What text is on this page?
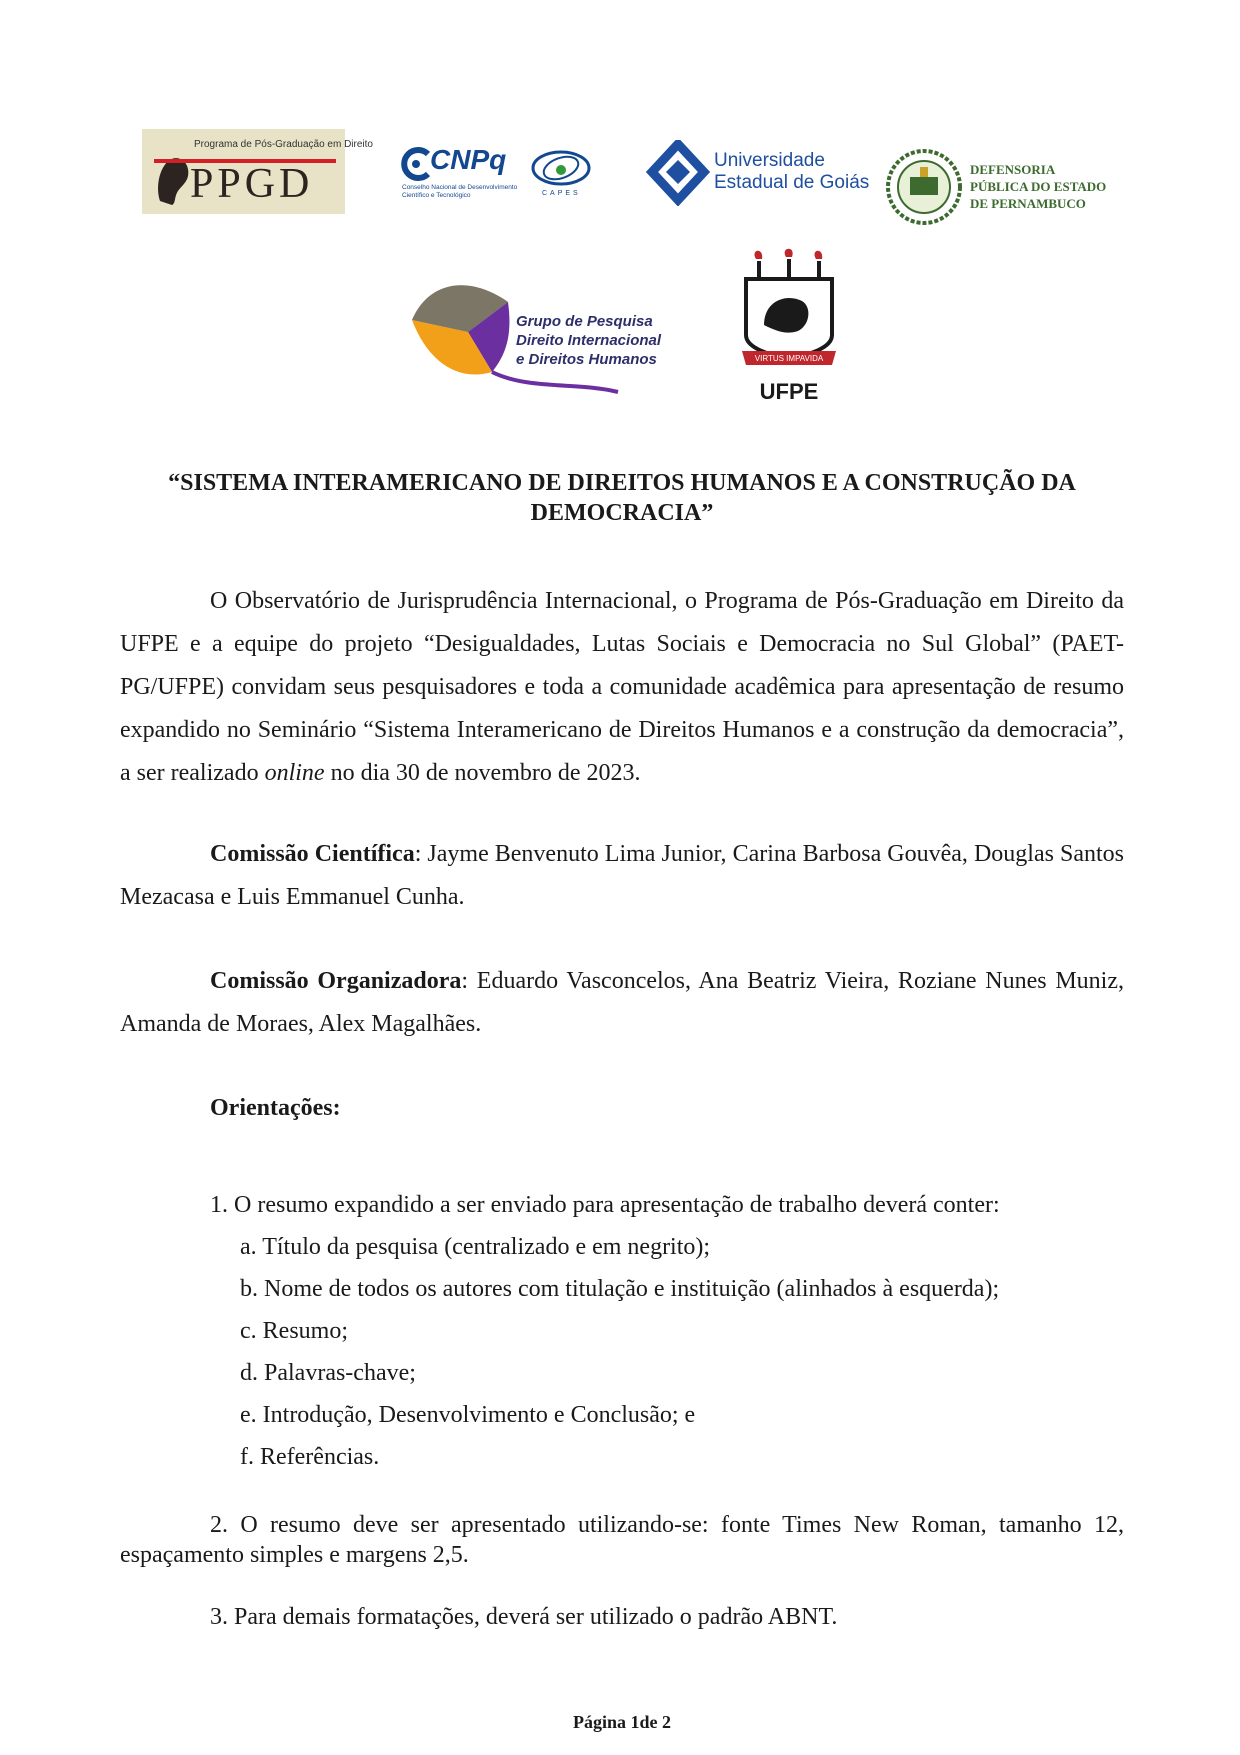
Programa de Pós-Graduação em Direito
PPGD
CNPq
Conselho Nacional de Desenvolvimento Científico e Tecnológico	CAPES
Universidade
Estadual de Goiás
DEFENSORIA
PÚBLICA DO ESTADO
DE PERNAMBUCO
Grupo de Pesquisa
Direito Internacional
e Direitos Humanos	VIRTUS IMPAVIDA
UFPE
“SISTEMA INTERAMERICANO DE DIREITOS HUMANOS E A CONSTRUÇÃO DA DEMOCRACIA”
O Observatório de Jurisprudência Internacional, o Programa de Pós-Graduação em Direito da UFPE e a equipe do projeto “Desigualdades, Lutas Sociais e Democracia no Sul Global” (PAET-PG/UFPE) convidam seus pesquisadores e toda a comunidade acadêmica para apresentação de resumo expandido no Seminário “Sistema Interamericano de Direitos Humanos e a construção da democracia”, a ser realizado online no dia 30 de novembro de 2023.
Comissão Científica: Jayme Benvenuto Lima Junior, Carina Barbosa Gouvêa, Douglas Santos Mezacasa e Luis Emmanuel Cunha.
Comissão Organizadora: Eduardo Vasconcelos, Ana Beatriz Vieira, Roziane Nunes Muniz, Amanda de Moraes, Alex Magalhães.
Orientações:
1. O resumo expandido a ser enviado para apresentação de trabalho deverá conter:
a. Título da pesquisa (centralizado e em negrito);
b. Nome de todos os autores com titulação e instituição (alinhados à esquerda);
c. Resumo;
d. Palavras-chave;
e. Introdução, Desenvolvimento e Conclusão; e
f. Referências.
2. O resumo deve ser apresentado utilizando-se: fonte Times New Roman, tamanho 12, espaçamento simples e margens 2,5.
3. Para demais formatações, deverá ser utilizado o padrão ABNT.
Página 1de 2
